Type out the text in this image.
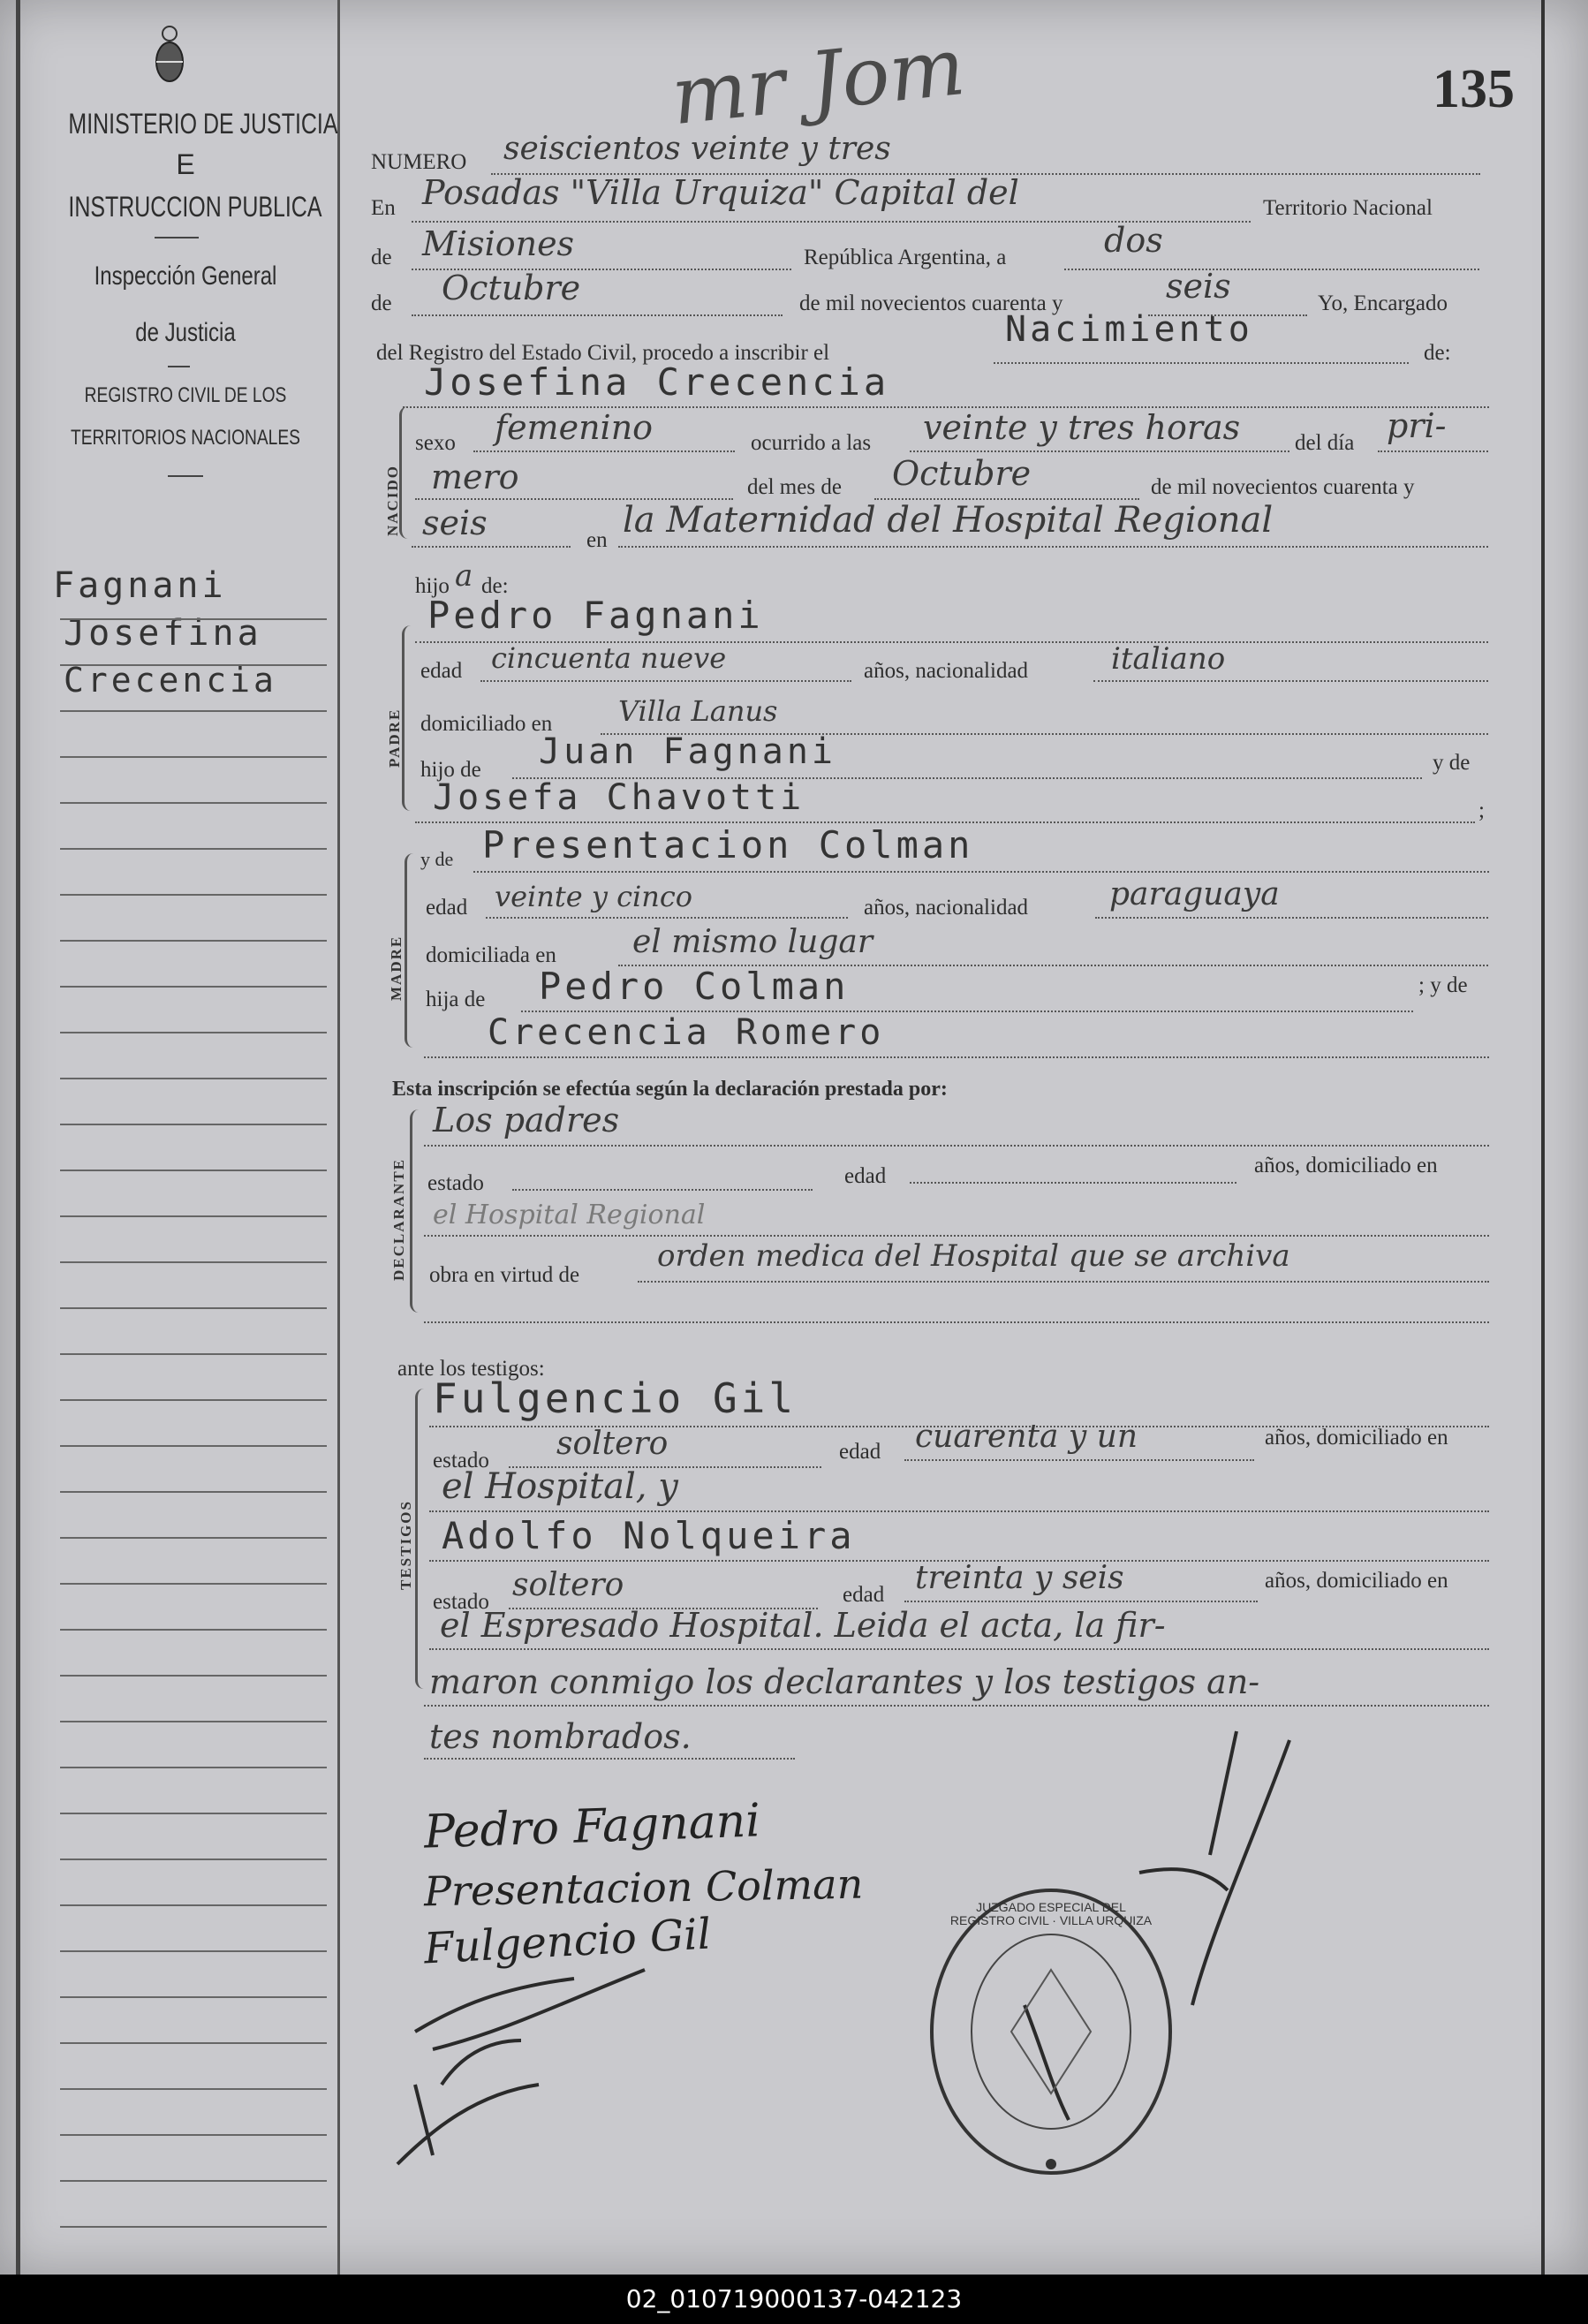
MINISTERIO DE JUSTICIA
E
INSTRUCCION PUBLICA
Inspección General
de Justicia
REGISTRO CIVIL DE LOS
TERRITORIOS NACIONALES
Fagnani
Josefina
Crecencia
mr Jom	135
NUMERO seiscientos veinte y tres
En Posadas "Villa Urquiza" Capital del	Territorio Nacional
de Misiones	República Argentina, a	dos
de Octubre	de mil novecientos cuarenta y	seis	Yo, Encargado
del Registro del Estado Civil, procedo a inscribir el
Nacimiento
de:
Josefina Crecencia
NACIDO
sexo femenino	ocurrido a las veinte y tres horas del día pri-
mero	del mes de Octubre	de mil novecientos cuarenta y
seis	en la Maternidad del Hospital Regional
hijo a de:
PADRE
Pedro Fagnani
edad cincuenta nueve	años, nacionalidad	italiano
domiciliado en Villa Lanus
hijo de Juan Fagnani	y de
Josefa Chavotti	;
MADRE
y de Presentacion Colman
edad veinte y cinco	años, nacionalidad	paraguaya
domiciliada en el mismo lugar
hija de Pedro Colman	; y de
Crecencia Romero
Esta inscripción se efectúa según la declaración prestada por:
DECLARANTE
Los padres
estado	edad	años, domiciliado en
el Hospital Regional
obra en virtud de
orden medica del Hospital que se archiva
ante los testigos:
TESTIGOS
Fulgencio Gil
estado soltero	edad cuarenta y un	años, domiciliado en
el Hospital, y
Adolfo Nolqueira
estado soltero	edad treinta y seis	años, domiciliado en
el Espresado Hospital. Leida el acta, la fir-
maron conmigo los declarantes y los testigos an-
tes nombrados.
Pedro Fagnani
Presentacion Colman
Fulgencio Gil
JUZGADO ESPECIAL DEL REGISTRO CIVIL · VILLA URQUIZA
02_010719000137-042123
